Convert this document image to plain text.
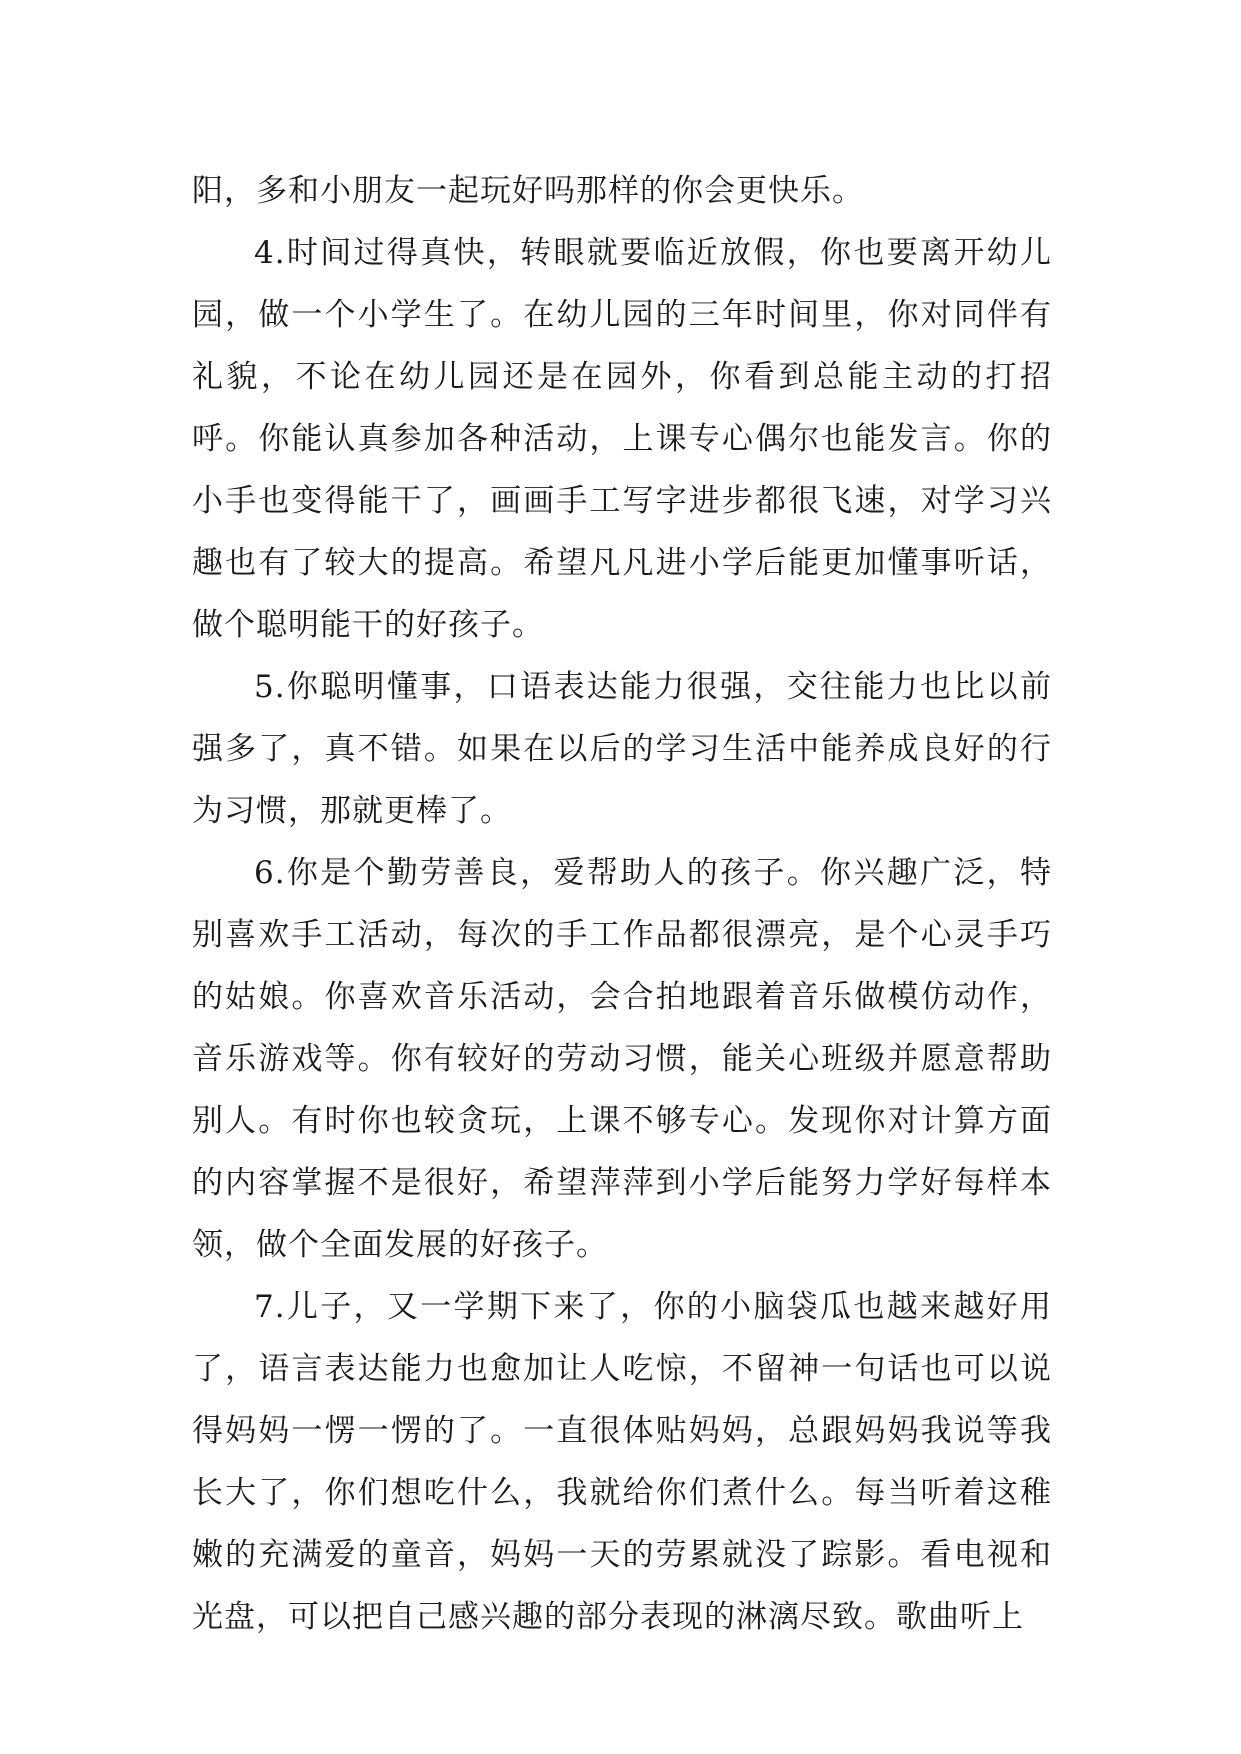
阳，多和小朋友一起玩好吗那样的你会更快乐。

4.时间过得真快，转眼就要临近放假，你也要离开幼儿园，做一个小学生了。在幼儿园的三年时间里，你对同伴有礼貌，不论在幼儿园还是在园外，你看到总能主动的打招呼。你能认真参加各种活动，上课专心偶尔也能发言。你的小手也变得能干了，画画手工写字进步都很飞速，对学习兴趣也有了较大的提高。希望凡凡进小学后能更加懂事听话，做个聪明能干的好孩子。

5.你聪明懂事，口语表达能力很强，交往能力也比以前强多了，真不错。如果在以后的学习生活中能养成良好的行为习惯，那就更棒了。

6.你是个勤劳善良，爱帮助人的孩子。你兴趣广泛，特别喜欢手工活动，每次的手工作品都很漂亮，是个心灵手巧的姑娘。你喜欢音乐活动，会合拍地跟着音乐做模仿动作，音乐游戏等。你有较好的劳动习惯，能关心班级并愿意帮助别人。有时你也较贪玩，上课不够专心。发现你对计算方面的内容掌握不是很好，希望萍萍到小学后能努力学好每样本领，做个全面发展的好孩子。

7.儿子，又一学期下来了，你的小脑袋瓜也越来越好用了，语言表达能力也愈加让人吃惊，不留神一句话也可以说得妈妈一愣一愣的了。一直很体贴妈妈，总跟妈妈我说等我长大了，你们想吃什么，我就给你们煮什么。每当听着这稚嫩的充满爱的童音，妈妈一天的劳累就没了踪影。看电视和光盘，可以把自己感兴趣的部分表现的淋漓尽致。歌曲听上
